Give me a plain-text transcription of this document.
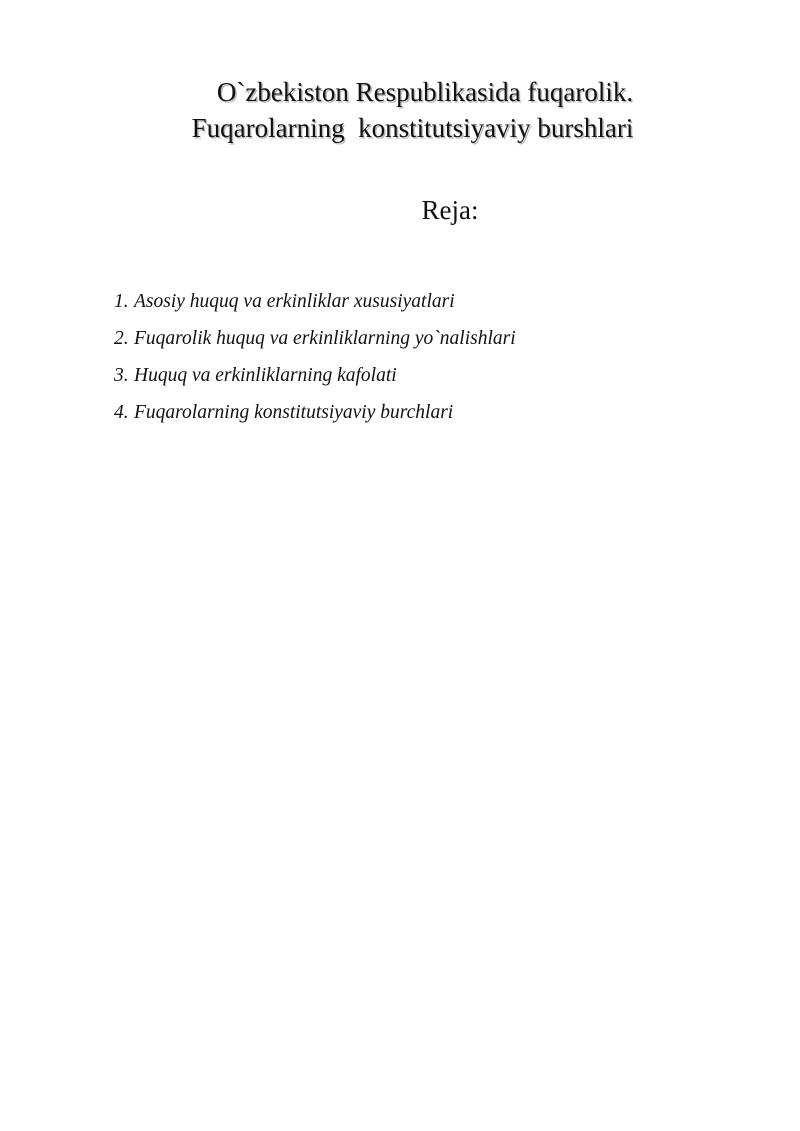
O`zbekiston Respublikasida fuqarolik.
Fuqarolarning  konstitutsiyaviy burshlari
Reja:
1. Asosiy huquq va erkinliklar xususiyatlari
2. Fuqarolik huquq va erkinliklarning yo`nalishlari
3. Huquq va erkinliklarning kafolati
4. Fuqarolarning konstitutsiyaviy burchlari
